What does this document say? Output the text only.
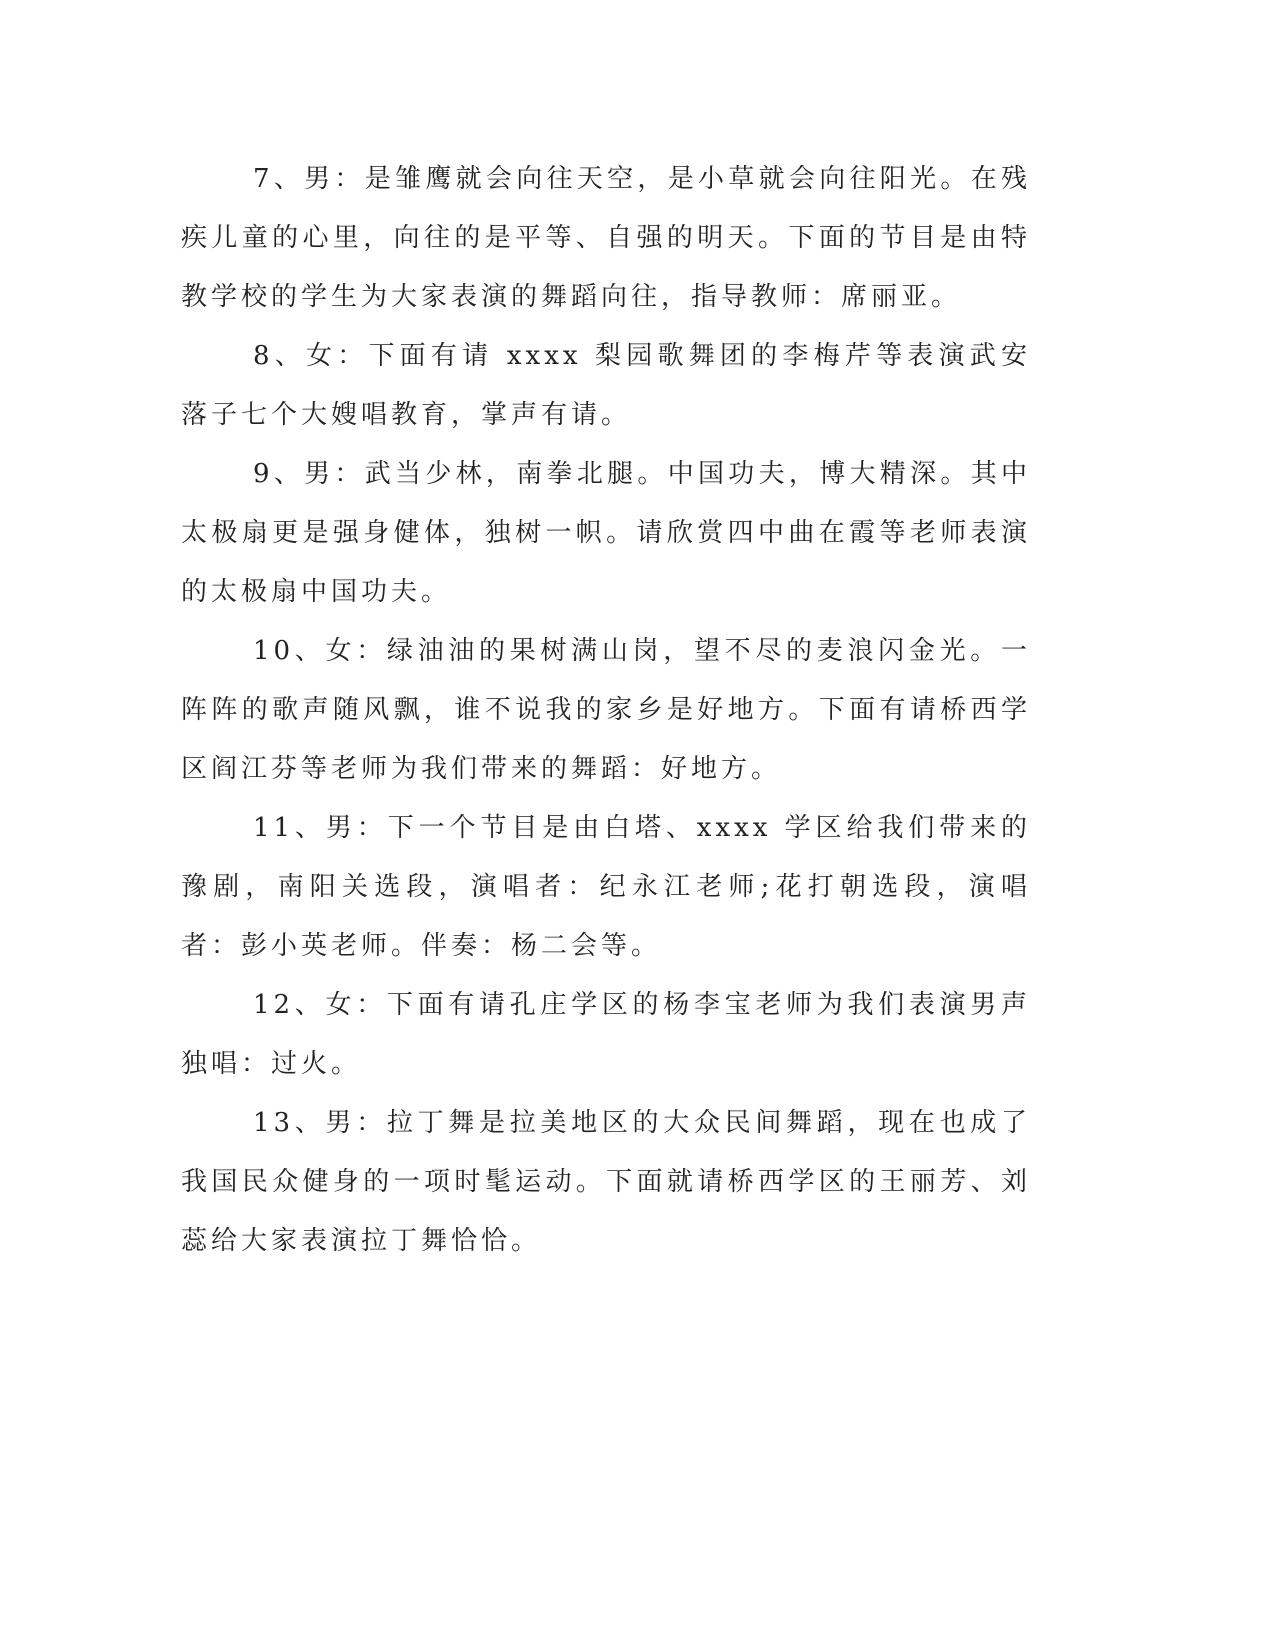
7、男：是雏鹰就会向往天空，是小草就会向往阳光。在残疾儿童的心里，向往的是平等、自强的明天。下面的节目是由特教学校的学生为大家表演的舞蹈向往，指导教师：席丽亚。

8、女：下面有请 xxxx 梨园歌舞团的李梅芹等表演武安落子七个大嫂唱教育，掌声有请。

9、男：武当少林，南拳北腿。中国功夫，博大精深。其中太极扇更是强身健体，独树一帜。请欣赏四中曲在霞等老师表演的太极扇中国功夫。

10、女：绿油油的果树满山岗，望不尽的麦浪闪金光。一阵阵的歌声随风飘，谁不说我的家乡是好地方。下面有请桥西学区阎江芬等老师为我们带来的舞蹈：好地方。

11、男：下一个节目是由白塔、xxxx 学区给我们带来的豫剧，南阳关选段，演唱者：纪永江老师;花打朝选段，演唱者：彭小英老师。伴奏：杨二会等。

12、女：下面有请孔庄学区的杨李宝老师为我们表演男声独唱：过火。

13、男：拉丁舞是拉美地区的大众民间舞蹈，现在也成了我国民众健身的一项时髦运动。下面就请桥西学区的王丽芳、刘蕊给大家表演拉丁舞恰恰。
